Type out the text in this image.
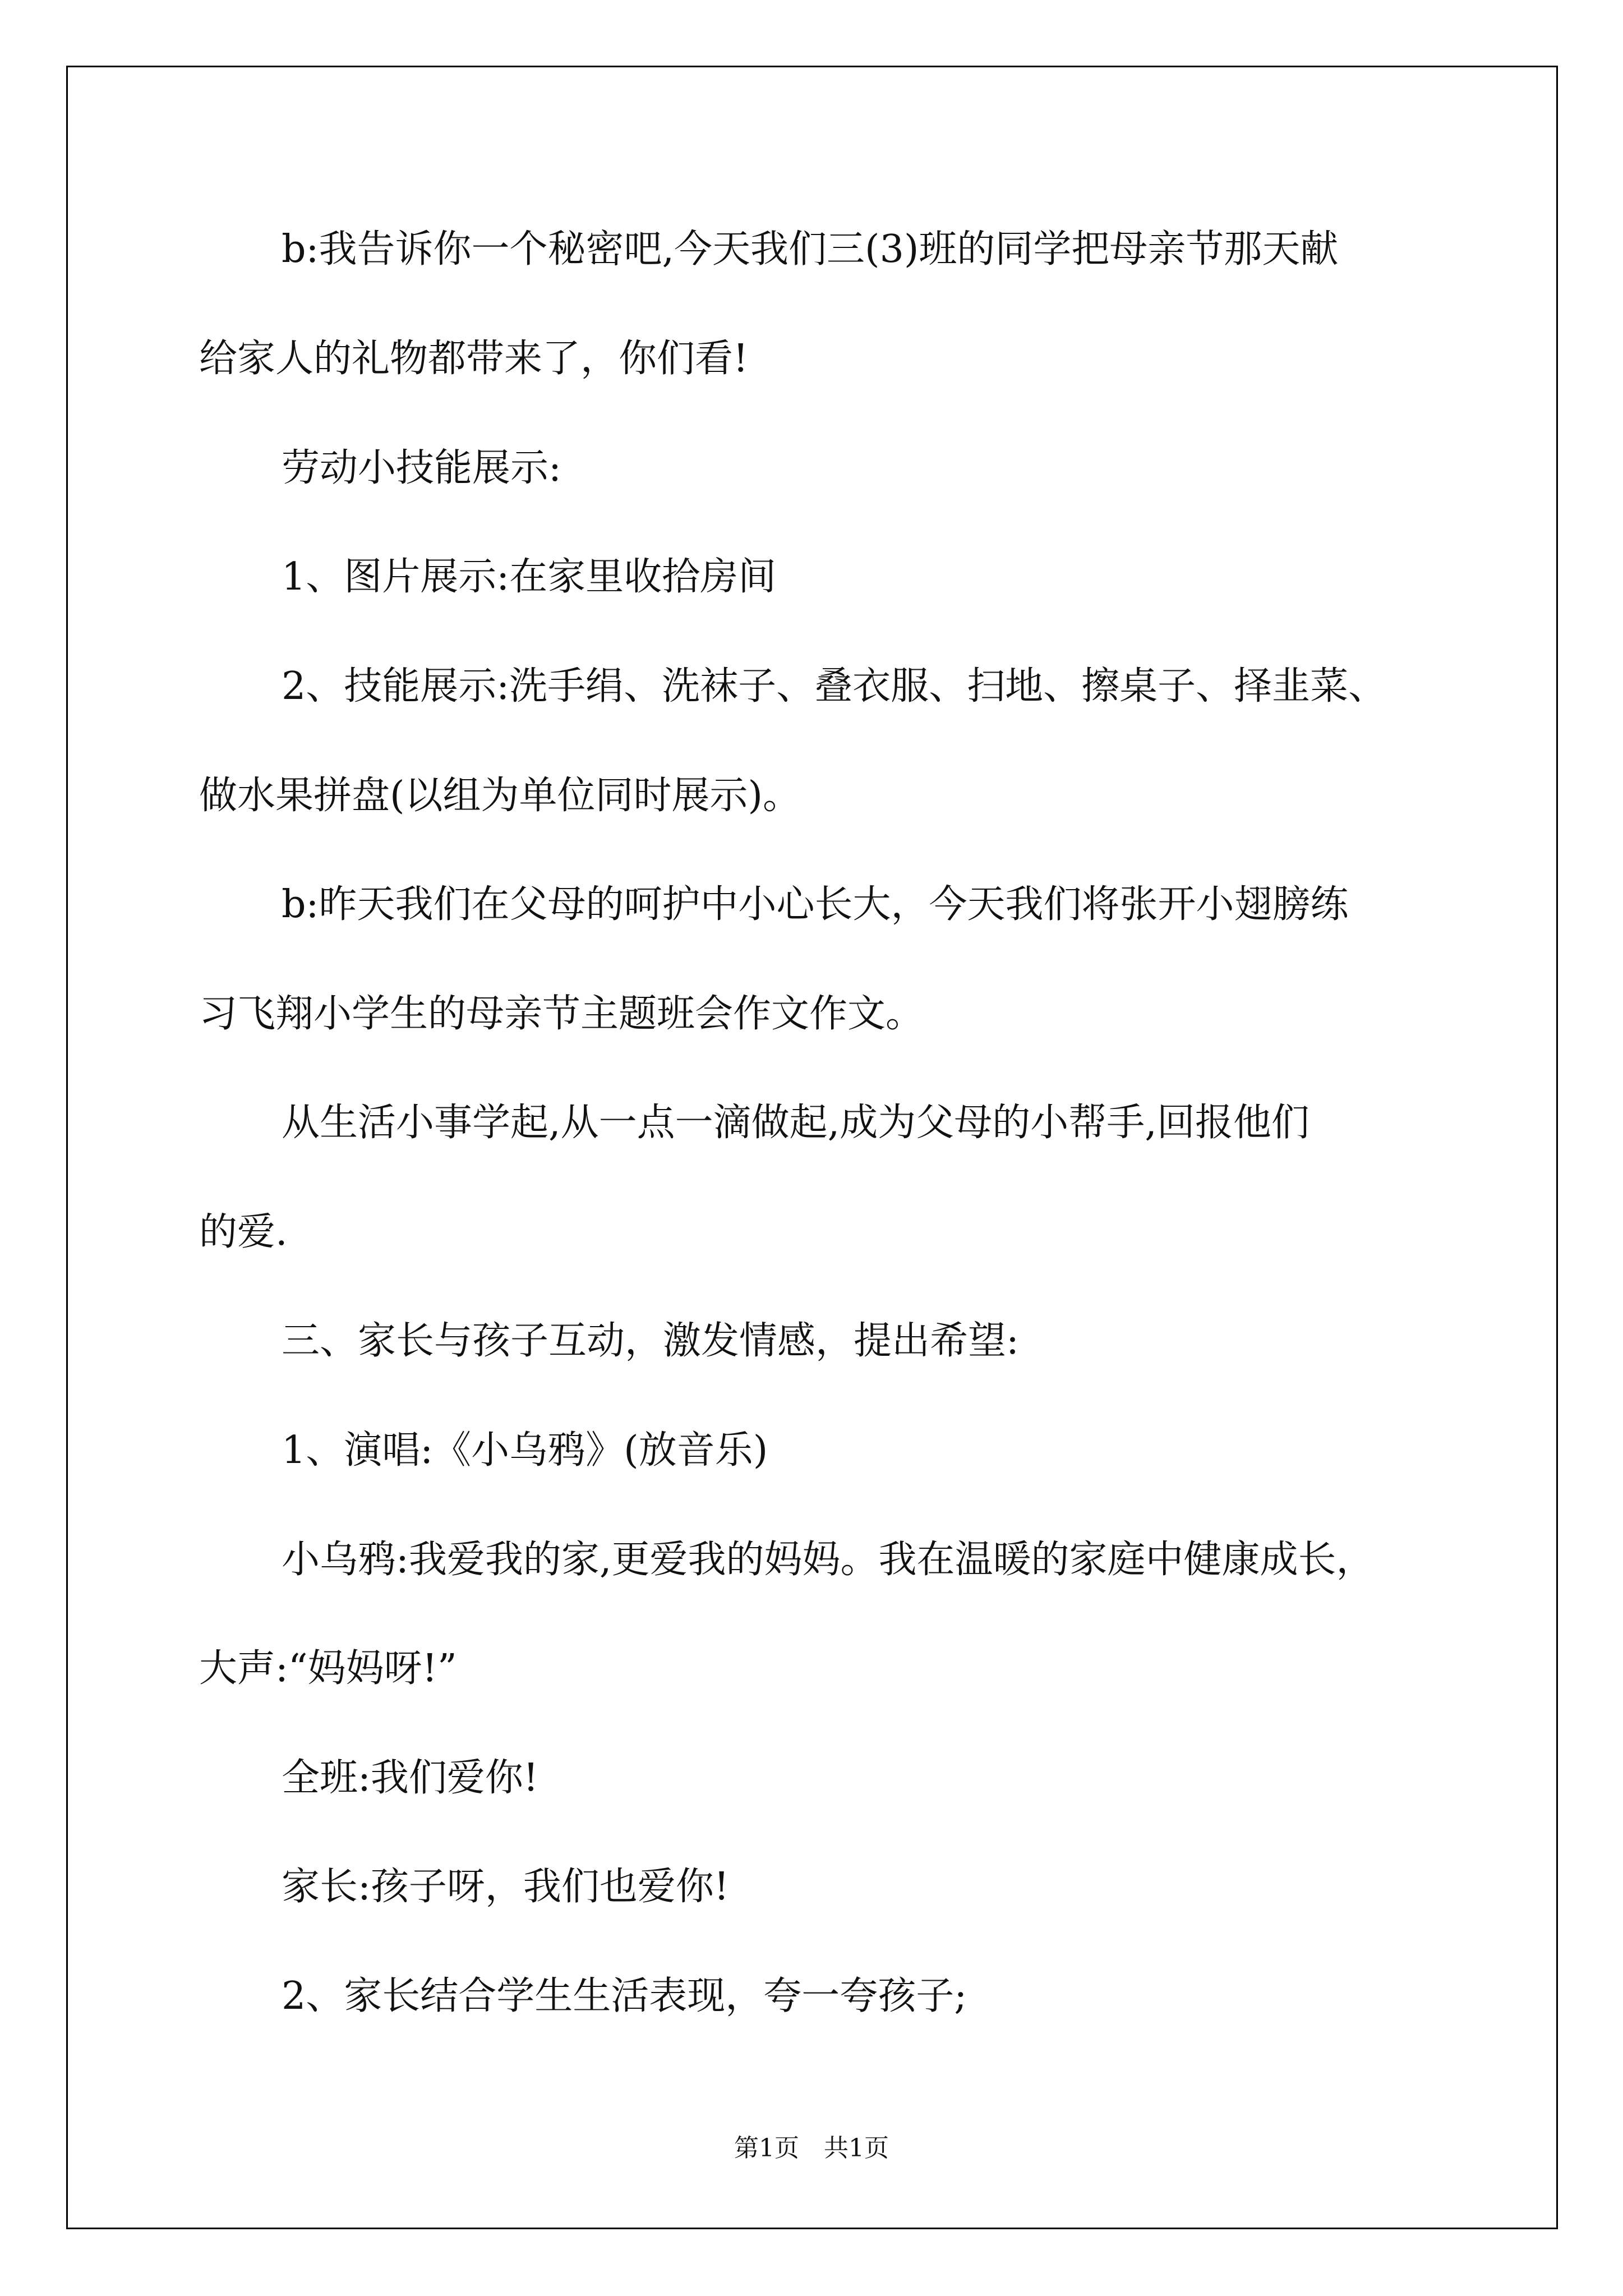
b:我告诉你一个秘密吧,今天我们三(3)班的同学把母亲节那天献

给家人的礼物都带来了，你们看!

劳动小技能展示:

1、图片展示:在家里收拾房间

2、技能展示:洗手绢、洗袜子、叠衣服、扫地、擦桌子、择韭菜、

做水果拼盘(以组为单位同时展示)。

b:昨天我们在父母的呵护中小心长大，今天我们将张开小翅膀练

习飞翔小学生的母亲节主题班会作文作文。

从生活小事学起,从一点一滴做起,成为父母的小帮手,回报他们

的爱.

三、家长与孩子互动，激发情感，提出希望:

1、演唱:《小乌鸦》(放音乐)

小乌鸦:我爱我的家,更爱我的妈妈。我在温暖的家庭中健康成长，

大声:“妈妈呀!”

全班:我们爱你!

家长:孩子呀，我们也爱你!

2、家长结合学生生活表现，夸一夸孩子;

第1页　共1页
